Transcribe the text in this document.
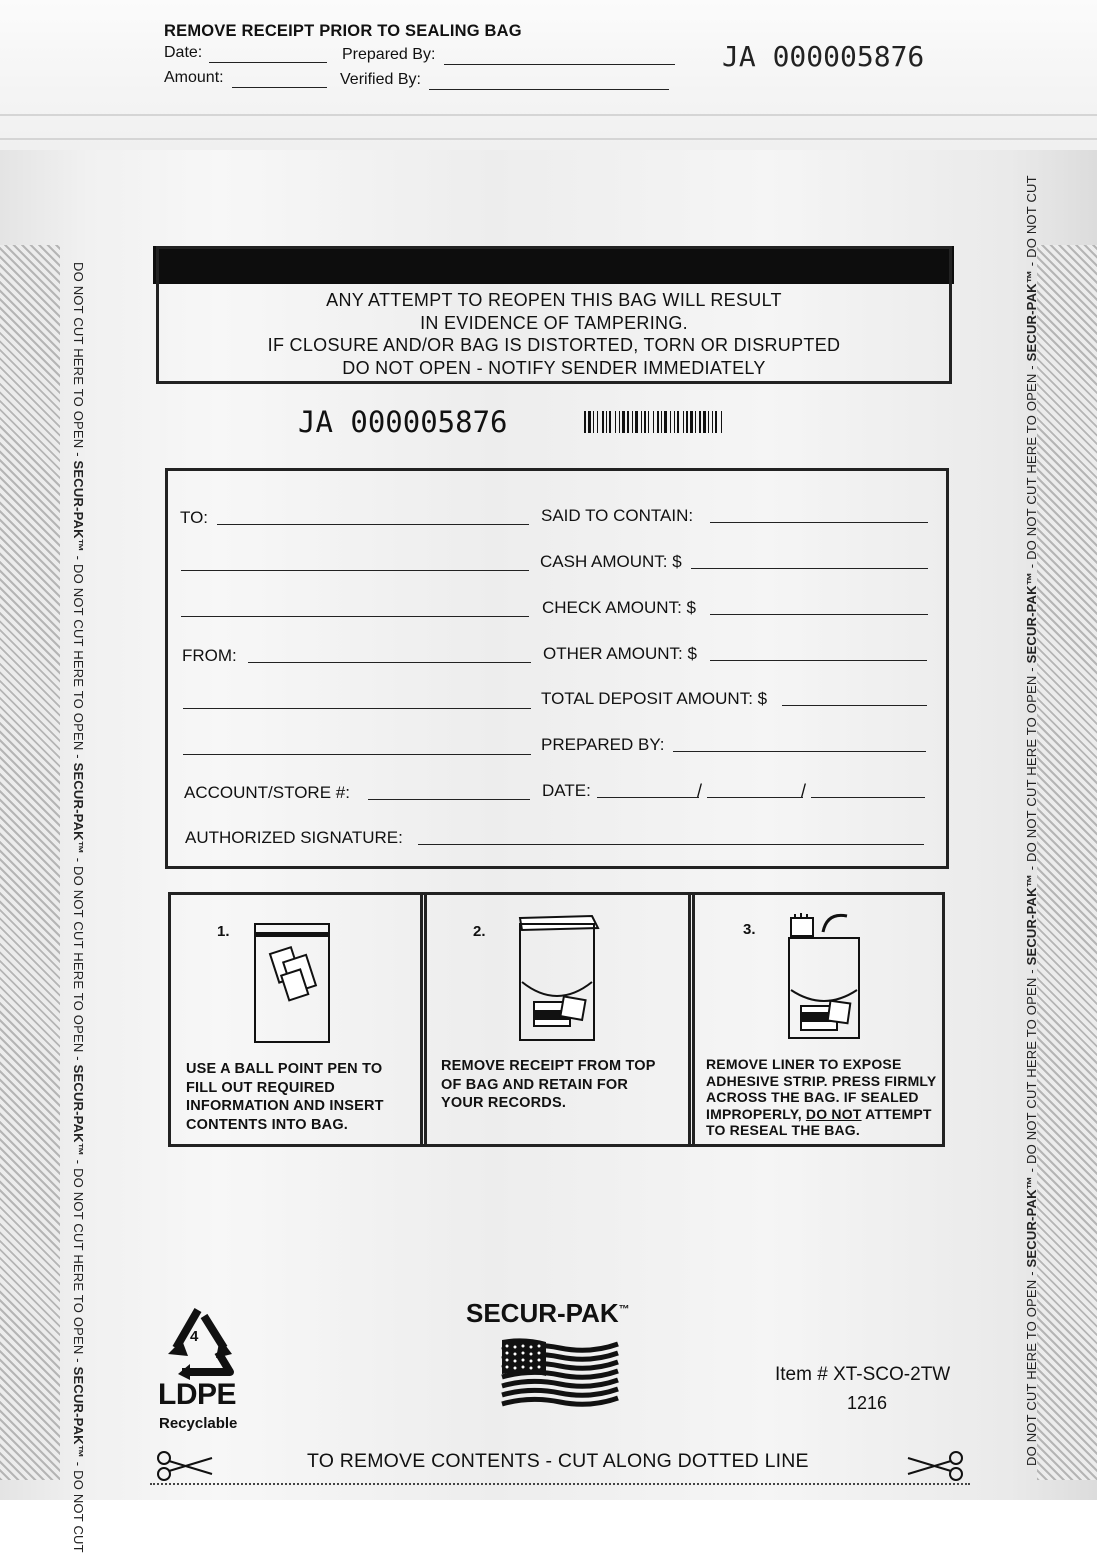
REMOVE RECEIPT PRIOR TO SEALING BAG
Date:
Amount:
Prepared By:
Verified By:
JA 000005876
DO NOT CUT HERE TO OPEN - SECUR-PAK™ - DO NOT CUT HERE TO OPEN - SECUR-PAK™ - DO NOT CUT HERE TO OPEN - SECUR-PAK™ - DO NOT CUT HERE TO OPEN - SECUR-PAK™ - DO NOT CUT
DO NOT CUT HERE TO OPEN - SECUR-PAK™ - DO NOT CUT HERE TO OPEN - SECUR-PAK™ - DO NOT CUT HERE TO OPEN - SECUR-PAK™ - DO NOT CUT HERE TO OPEN - SECUR-PAK™ - DO NOT CUT
ANY ATTEMPT TO REOPEN THIS BAG WILL RESULT
IN EVIDENCE OF TAMPERING.
IF CLOSURE AND/OR BAG IS DISTORTED, TORN OR DISRUPTED
DO NOT OPEN - NOTIFY SENDER IMMEDIATELY
JA 000005876
TO:
FROM:
ACCOUNT/STORE #:
AUTHORIZED SIGNATURE:
SAID TO CONTAIN:
CASH AMOUNT: $
CHECK AMOUNT: $
OTHER AMOUNT: $
TOTAL DEPOSIT AMOUNT: $
PREPARED BY:
DATE:	/	/
1.
USE A BALL POINT PEN TO
FILL OUT REQUIRED
INFORMATION AND INSERT
CONTENTS INTO BAG.
2.
REMOVE RECEIPT FROM TOP
OF BAG AND RETAIN FOR
YOUR RECORDS.
3.
REMOVE LINER TO EXPOSE
ADHESIVE STRIP. PRESS FIRMLY
ACROSS THE BAG. IF SEALED
IMPROPERLY, DO NOT ATTEMPT
TO RESEAL THE BAG.
4
LDPE
Recyclable
SECUR-PAK™
Item # XT-SCO-2TW
1216
TO REMOVE CONTENTS - CUT ALONG DOTTED LINE
